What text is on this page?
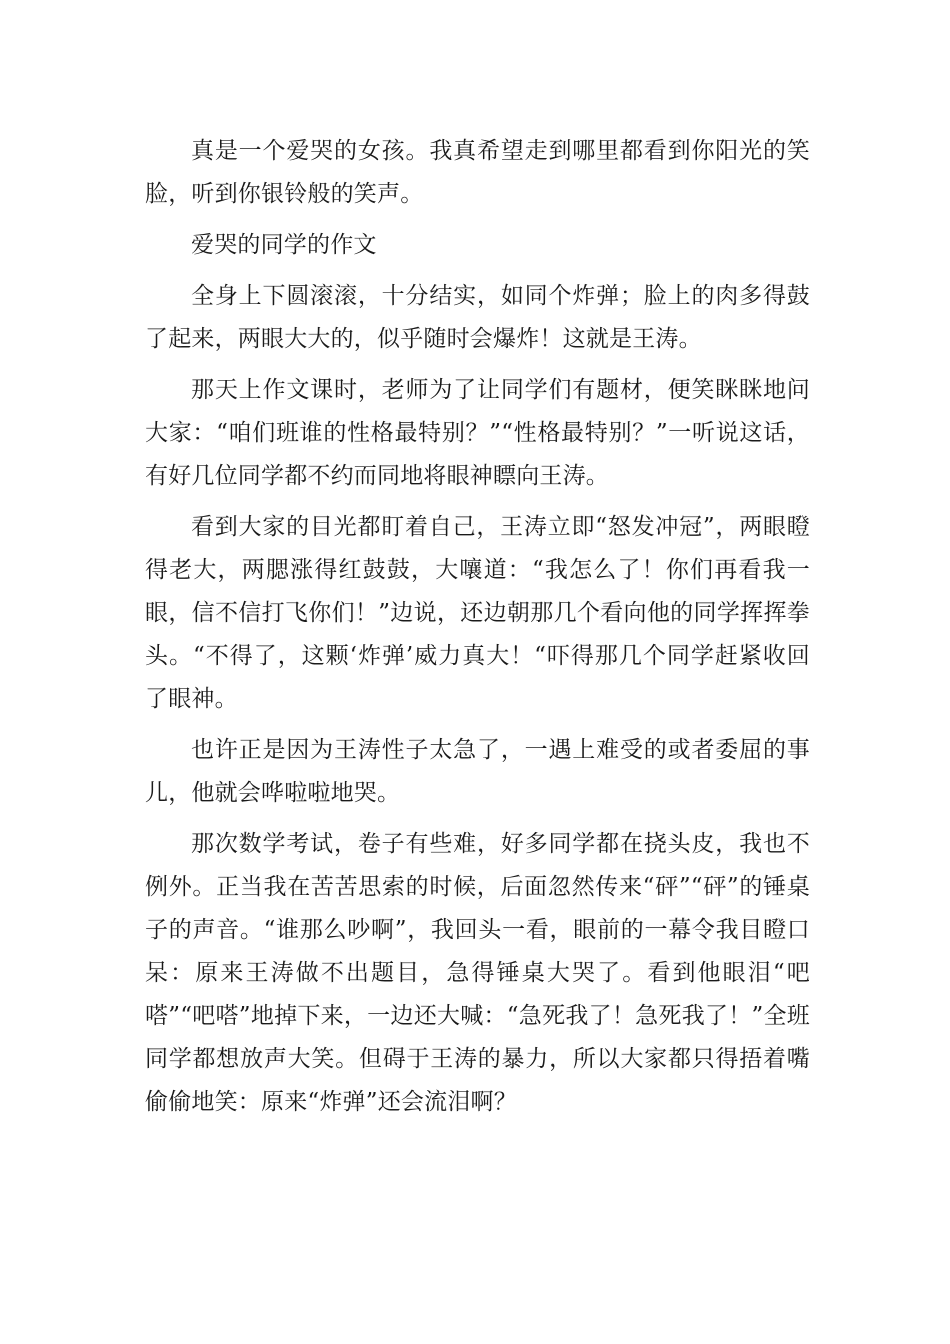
真是一个爱哭的女孩。我真希望走到哪里都看到你阳光的笑脸，听到你银铃般的笑声。

爱哭的同学的作文

全身上下圆滚滚，十分结实，如同个炸弹；脸上的肉多得鼓了起来，两眼大大的，似乎随时会爆炸！这就是王涛。

那天上作文课时，老师为了让同学们有题材，便笑眯眯地问大家：“咱们班谁的性格最特别？”“性格最特别？”一听说这话，有好几位同学都不约而同地将眼神瞟向王涛。

看到大家的目光都盯着自己，王涛立即“怒发冲冠”，两眼瞪得老大，两腮涨得红鼓鼓，大嚷道：“我怎么了！你们再看我一眼，信不信打飞你们！”边说，还边朝那几个看向他的同学挥挥拳头。“不得了，这颗‘炸弹’威力真大！“吓得那几个同学赶紧收回了眼神。

也许正是因为王涛性子太急了，一遇上难受的或者委屈的事儿，他就会哗啦啦地哭。

那次数学考试，卷子有些难，好多同学都在挠头皮，我也不例外。正当我在苦苦思索的时候，后面忽然传来“砰”“砰”的锤桌子的声音。“谁那么吵啊”，我回头一看，眼前的一幕令我目瞪口呆：原来王涛做不出题目，急得锤桌大哭了。看到他眼泪“吧嗒”“吧嗒”地掉下来，一边还大喊：“急死我了！急死我了！”全班同学都想放声大笑。但碍于王涛的暴力，所以大家都只得捂着嘴偷偷地笑：原来“炸弹”还会流泪啊？
